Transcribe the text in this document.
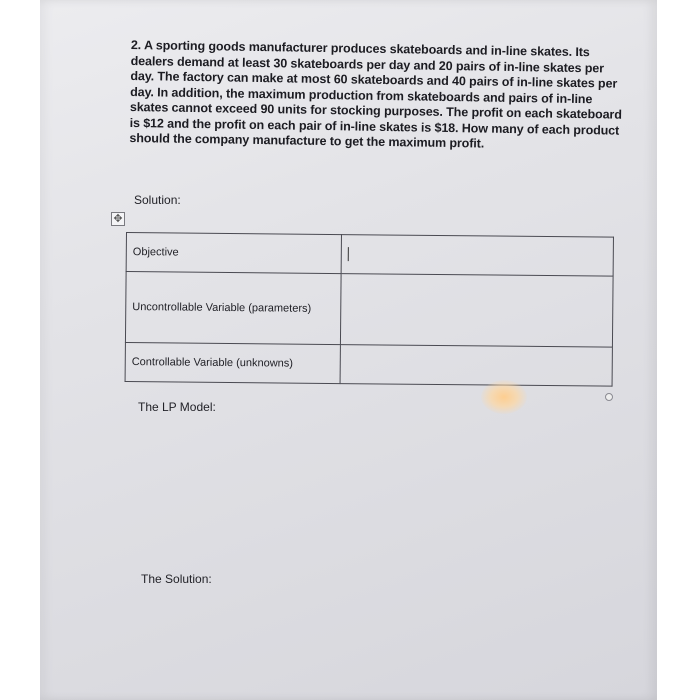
2. A sporting goods manufacturer produces skateboards and in-line skates. Its dealers demand at least 30 skateboards per day and 20 pairs of in-line skates per day. The factory can make at most 60 skateboards and 40 pairs of in-line skates per day. In addition, the maximum production from skateboards and pairs of in-line skates cannot exceed 90 units for stocking purposes. The profit on each skateboard is $12 and the profit on each pair of in-line skates is $18. How many of each product should the company manufacture to get the maximum profit.

Solution:
✥
Objective	
Uncontrollable Variable (parameters)	
Controllable Variable (unknowns)	
The LP Model:
The Solution:
